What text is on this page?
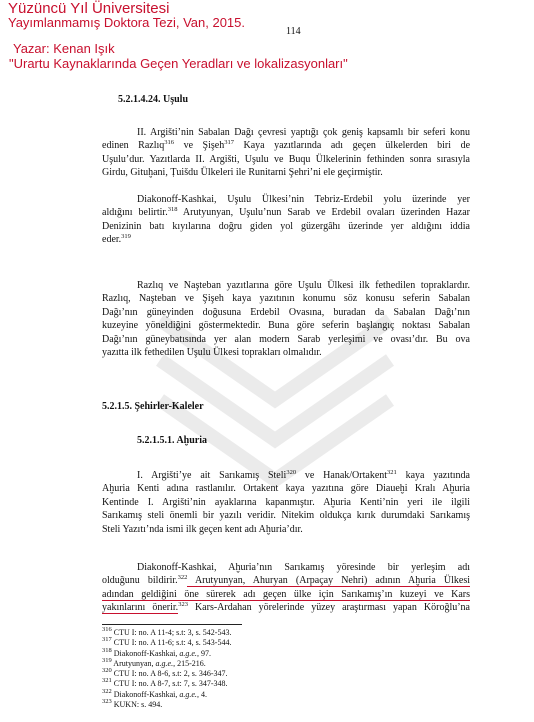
Yüzüncü Yıl Üniversitesi
Yayımlanmamış Doktora Tezi, Van, 2015.
Yazar: Kenan Işık
"Urartu Kaynaklarında Geçen Yeradları ve lokalizasyonları"
114
5.2.1.4.24. Uşulu
II. Argišti’nin Sabalan Dağı çevresi yaptığı çok geniş kapsamlı bir seferi konu
edinen Razlıq$^{316}$ ve Şişeh$^{317}$ Kaya yazıtlarında adı geçen ülkelerden biri de
Uşulu’dur. Yazıtlarda II. Argišti, Uşulu ve Buqu Ülkelerinin fethinden sonra sırasıyla
Girdu, Gituḫani, Ṭuišdu Ülkeleri ile Runitarni Şehri’ni ele geçirmiştir.
Diakonoff-Kashkai, Uşulu Ülkesi’nin Tebriz-Erdebil yolu üzerinde yer
aldığını belirtir.$^{318}$ Arutyunyan, Uşulu’nun Sarab ve Erdebil ovaları üzerinden Hazar
Denizinin batı kıyılarına doğru giden yol güzergâhı üzerinde yer aldığını iddia
eder.$^{319}$
Razlıq ve Naşteban yazıtlarına göre Uşulu Ülkesi ilk fethedilen topraklardır.
Razlıq, Naşteban ve Şişeh kaya yazıtının konumu söz konusu seferin Sabalan
Dağı’nın güneyinden doğusuna Erdebil Ovasına, buradan da Sabalan Dağı’nın
kuzeyine yöneldiğini göstermektedir. Buna göre seferin başlangıç noktası Sabalan
Dağı’nın güneybatısında yer alan modern Sarab yerleşimi ve ovası’dır. Bu ova
yazıtta ilk fethedilen Uşulu Ülkesi toprakları olmalıdır.
5.2.1.5. Şehirler-Kaleler
5.2.1.5.1. Aḫuria
I. Argišti’ye ait Sarıkamış Steli$^{320}$ ve Hanak/Ortakent$^{321}$ kaya yazıtında
Aḫuria Kenti adına rastlanılır. Ortakent kaya yazıtına göre Diaueḫi Kralı Aḫuria
Kentinde I. Argišti’nin ayaklarına kapanmıştır. Aḫuria Kenti’nin yeri ile ilgili
Sarıkamış steli önemli bir yazılı veridir. Nitekim oldukça kırık durumdaki Sarıkamış
Steli Yazıtı’nda ismi ilk geçen kent adı Aḫuria’dır.
Diakonoff-Kashkai, Aḫuria’nın Sarıkamış yöresinde bir yerleşim adı
olduğunu bildirir.$^{322}$ Arutyunyan, Ahuryan (Arpaçay Nehri) adının Aḫuria Ülkesi
adından geldiğini öne sürerek adı geçen ülke için Sarıkamış’ın kuzeyi ve Kars
yakınlarını önerir.$^{323}$ Kars-Ardahan yörelerinde yüzey araştırması yapan Köroğlu’na
$^{316}$ CTU I: no. A 11-4; s.t: 3, s. 542-543.
$^{317}$ CTU I: no. A 11-6; s.t: 4, s. 543-544.
$^{318}$ Diakonoff-Kashkai, a.g.e., 97.
$^{319}$ Arutyunyan, a.g.e., 215-216.
$^{320}$ CTU I: no. A 8-6, s.t: 2, s. 346-347.
$^{321}$ CTU I: no. A 8-7, s.t: 7, s. 347-348.
$^{322}$ Diakonoff-Kashkai, a.g.e., 4.
$^{323}$ KUKN: s. 494.
